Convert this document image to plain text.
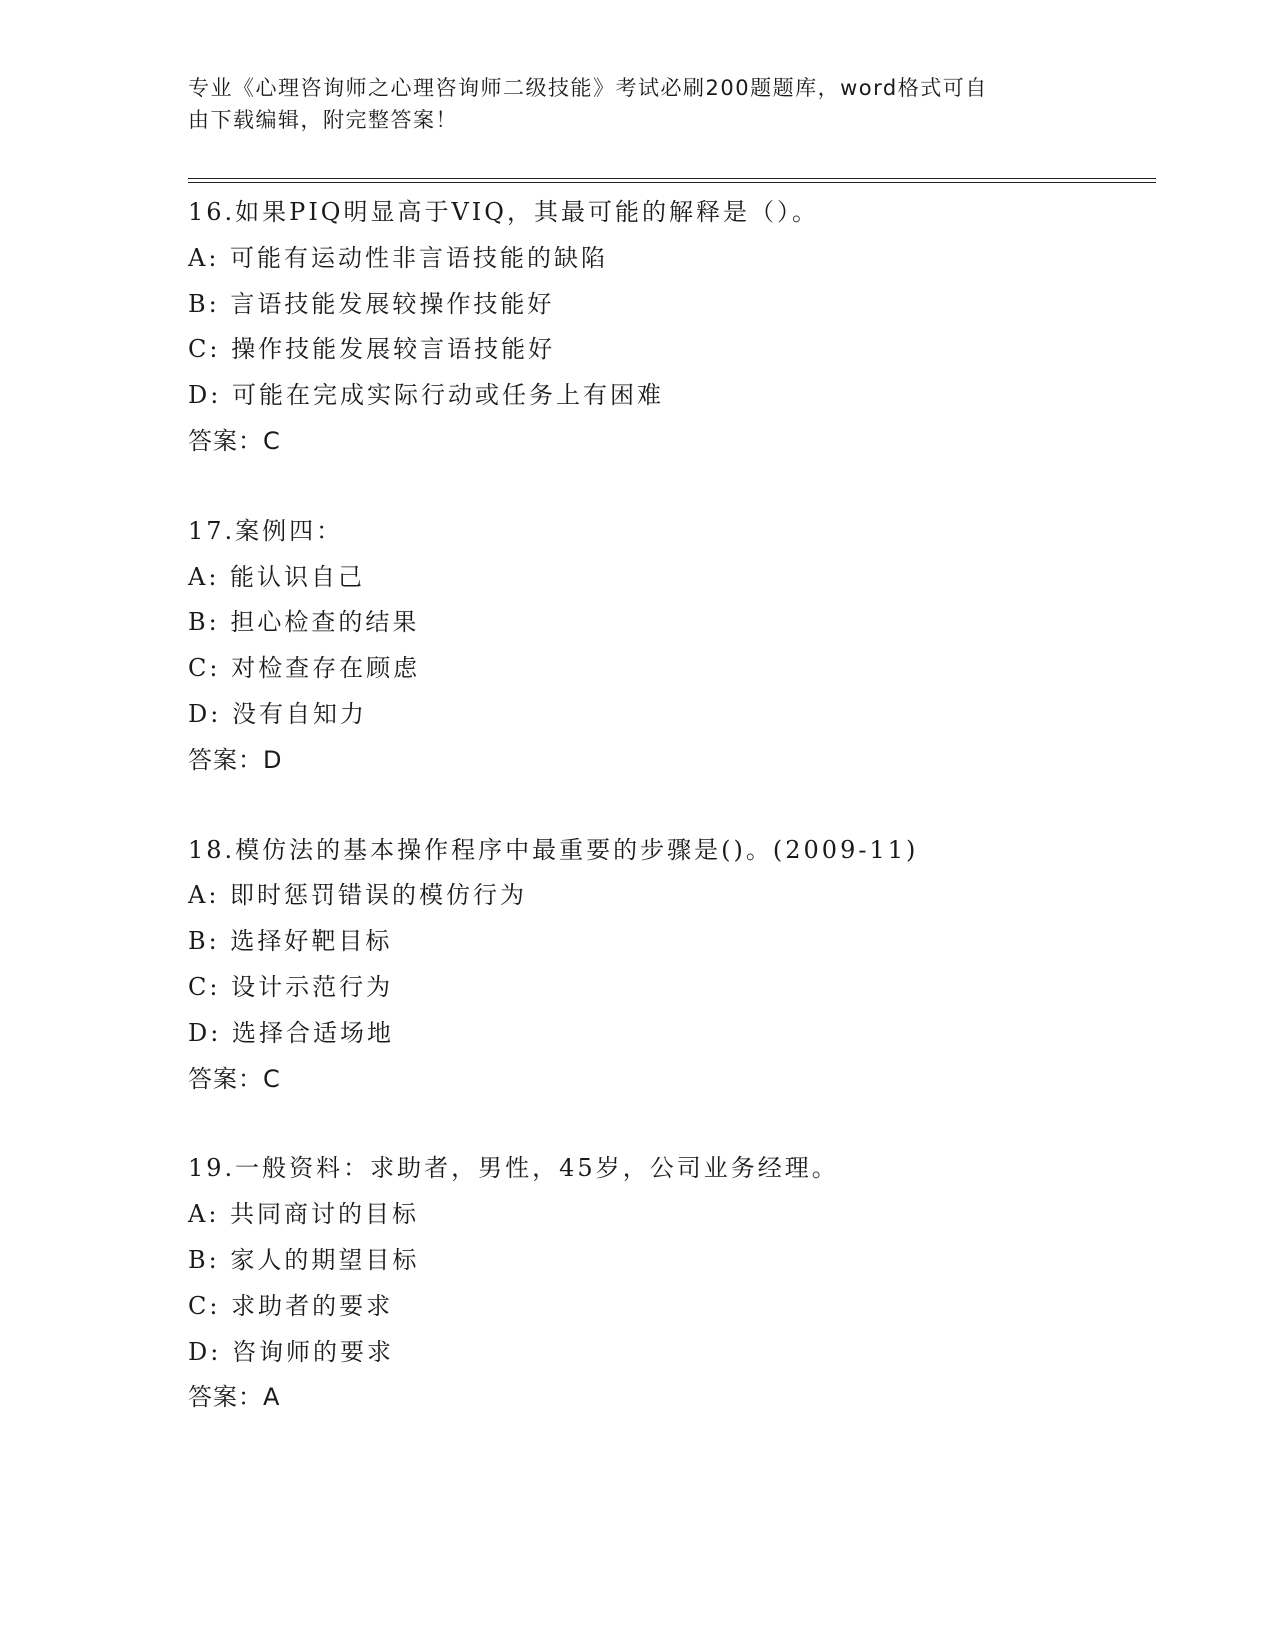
专业《心理咨询师之心理咨询师二级技能》考试必刷200题题库，word格式可自
由下载编辑，附完整答案！
16.如果PIQ明显高于VIQ，其最可能的解释是（）。
A: 可能有运动性非言语技能的缺陷
B: 言语技能发展较操作技能好
C: 操作技能发展较言语技能好
D: 可能在完成实际行动或任务上有困难
答案：C
17.案例四：
A: 能认识自己
B: 担心检查的结果
C: 对检查存在顾虑
D: 没有自知力
答案：D
18.模仿法的基本操作程序中最重要的步骤是()。(2009-11)
A: 即时惩罚错误的模仿行为
B: 选择好靶目标
C: 设计示范行为
D: 选择合适场地
答案：C
19.一般资料：求助者，男性，45岁，公司业务经理。
A: 共同商讨的目标
B: 家人的期望目标
C: 求助者的要求
D: 咨询师的要求
答案：A
